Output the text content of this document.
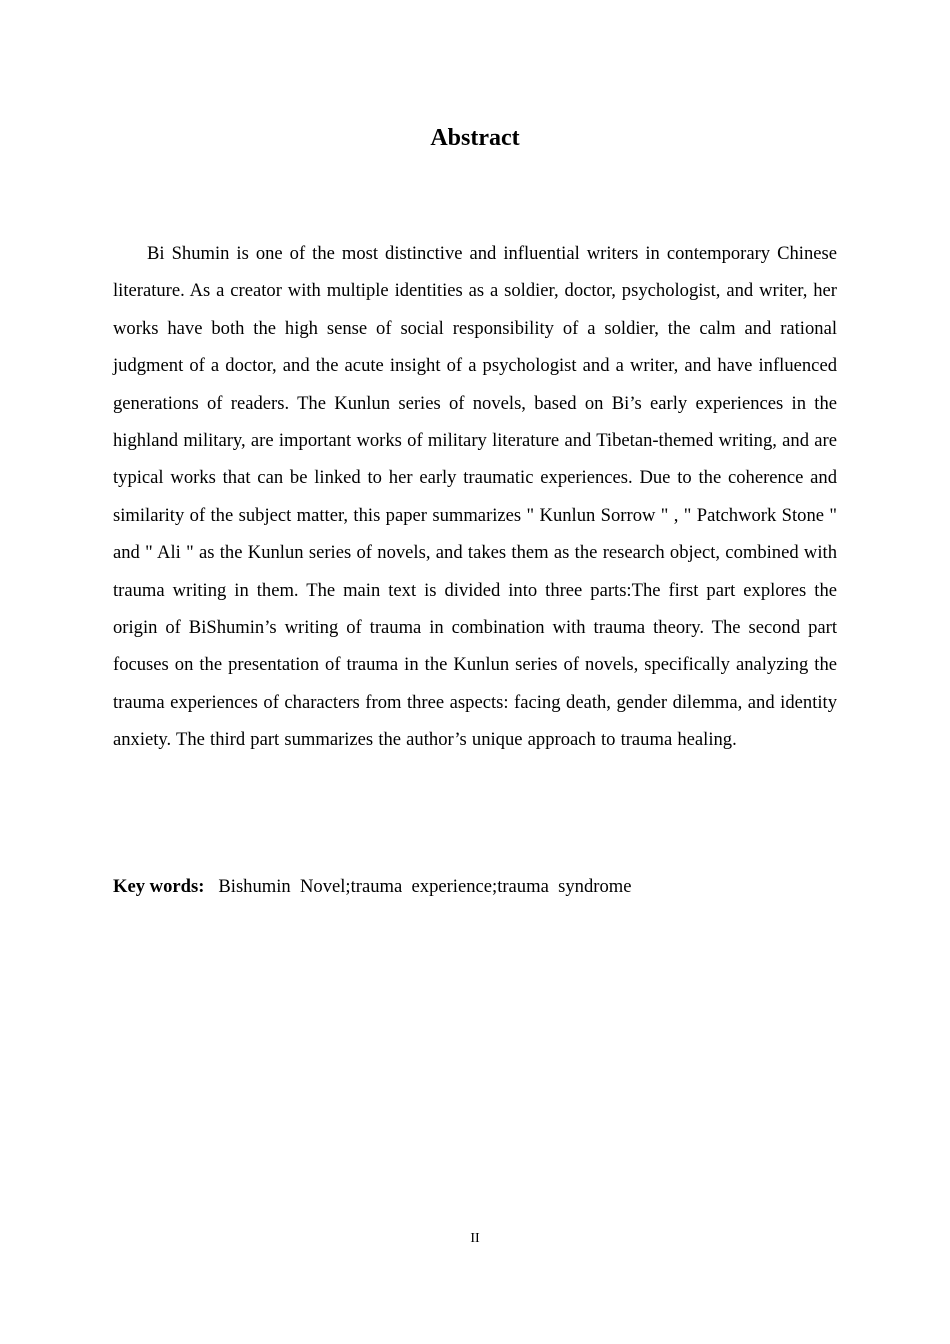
Abstract

Bi Shumin is one of the most distinctive and influential writers in contemporary Chinese literature. As a creator with multiple identities as a soldier, doctor, psychologist, and writer, her works have both the high sense of social responsibility of a soldier, the calm and rational judgment of a doctor, and the acute insight of a psychologist and a writer, and have influenced generations of readers. The Kunlun series of novels, based on Bi’s early experiences in the highland military, are important works of military literature and Tibetan-themed writing, and are typical works that can be linked to her early traumatic experiences. Due to the coherence and similarity of the subject matter, this paper summarizes " Kunlun Sorrow " , " Patchwork Stone " and " Ali " as the Kunlun series of novels, and takes them as the research object, combined with trauma writing in them. The main text is divided into three parts:The first part explores the origin of BiShumin’s writing of trauma in combination with trauma theory. The second part focuses on the presentation of trauma in the Kunlun series of novels, specifically analyzing the trauma experiences of characters from three aspects: facing death, gender dilemma, and identity anxiety. The third part summarizes the author’s unique approach to trauma healing.

Key words: Bishumin  Novel;trauma  experience;trauma  syndrome

II
